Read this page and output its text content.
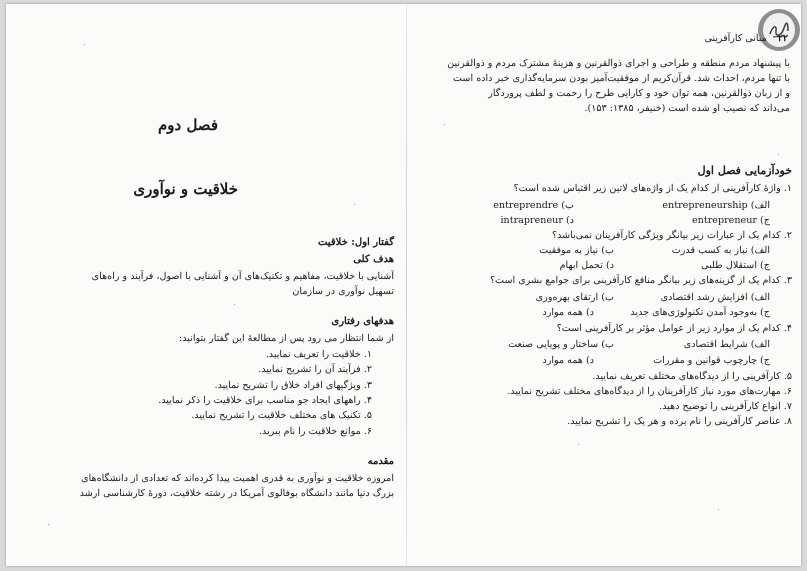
فصل دوم
خلاقیت و نوآوری
گفتار اول: خلاقیت
هدف کلی
آشنایی با خلاقیت، مفاهیم و تکنیک‌های آن و آشنایی با اصول، فرآیند و راه‌های
تسهیل نوآوری در سازمان
هدفهای رفتاری
از شما انتظار می رود پس از مطالعهٔ این گفتار بتوانید:
۱. خلاقیت را تعریف نمایید.
۲. فرآیند آن را تشریح نمایید.
۳. ویژگیهای افراد خلاق را تشریح نمایید.
۴. راههای ایجاد جو مناسب برای خلاقیت را ذکر نمایید.
۵. تکنیک های مختلف خلاقیت را تشریح نمایید.
۶. موانع خلاقیت را نام ببرید.
مقدمه
امروزه خلاقیت و نوآوری به قدری اهمیت پیدا کرده‌اند که تعدادی از دانشگاه‌های
بزرگ دنیا مانند دانشگاه بوفالوی آمریکا در رشته خلاقیت، دورهٔ کارشناسی ارشد
۲۲ مبانی کارآفرینی
با پیشنهاد مردم منطقه و طراحی و اجرای ذوالقرنین و هزینهٔ مشترک مردم و ذوالقرنین
با تنها مردم، احداث شد. قرآن‌کریم از موفقیت‌آمیز بودن سرمایه‌گذاری خبر داده است
و از زبان ذوالقرنین، همه توان خود و کارایی طرح را رحمت و لطف پروردگار
می‌داند که نصیب او شده است (خنیفر، ۱۳۸۵: ۱۵۳).
خودآزمایی فصل اول
۱. واژهٔ کارآفرینی از کدام یک از واژه‌های لاتین زیر اقتباس شده است؟
الف) entrepreneurship
ب) entreprendre
ج) entrepreneur
د) intrapreneur
۲. کدام یک از عبارات زیر بیانگر ویژگی کارآفرینان نمی‌باشد؟
الف) نیاز به کسب قدرت
ب) نیاز به موفقیت
ج) استقلال طلبی
د) تحمل ابهام
۳. کدام یک از گزینه‌های زیر بیانگر منافع کارآفرینی برای جوامع بشری است؟
الف) افزایش رشد اقتصادی
ب) ارتقای بهره‌وری
ج) به‌وجود آمدن تکنولوژی‌های جدید
د) همه موارد
۴. کدام یک از موارد زیر از عوامل مؤثر بر کارآفرینی است؟
الف) شرایط اقتصادی
ب) ساختار و پویایی صنعت
ج) چارچوب قوانین و مقررات
د) همه موارد
۵. کارآفرینی را از دیدگاه‌های مختلف تعریف نمایید.
۶. مهارت‌های مورد نیاز کارآفرینان را از دیدگاه‌های مختلف تشریح نمایید.
۷. انواع کارآفرینی را توضیح دهید.
۸. عناصر کارآفرینی را نام برده و هر یک را تشریح نمایید.
